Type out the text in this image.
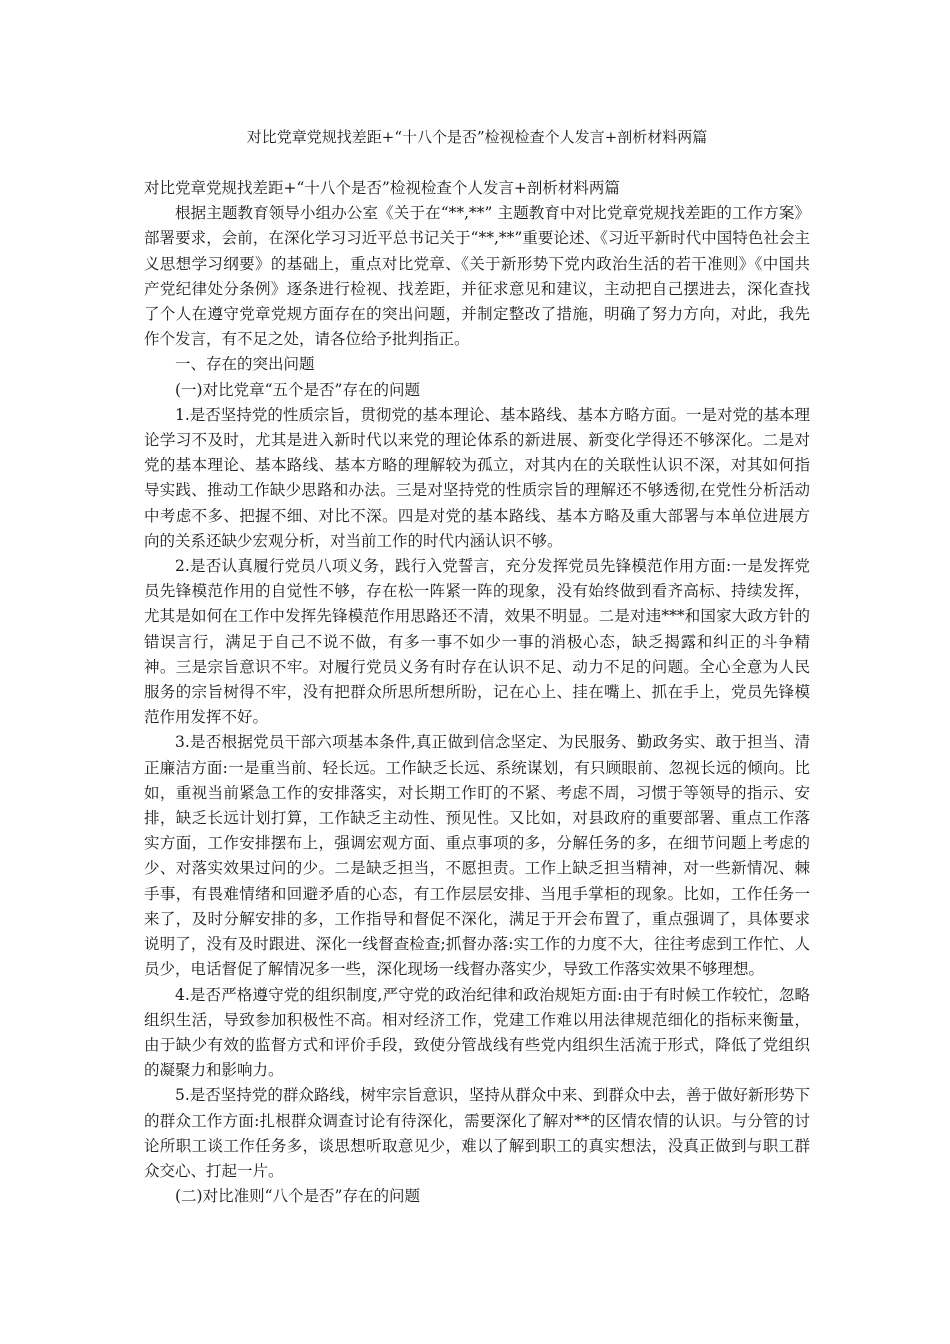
对比党章党规找差距+“十八个是否”检视检查个人发言+剖析材料两篇

对比党章党规找差距+“十八个是否”检视检查个人发言+剖析材料两篇

根据主题教育领导小组办公室《关于在“**,**” 主题教育中对比党章党规找差距的工作方案》部署要求，会前，在深化学习习近平总书记关于“**,**”重要论述、《习近平新时代中国特色社会主义思想学习纲要》的基础上，重点对比党章、《关于新形势下党内政治生活的若干准则》《中国共产党纪律处分条例》逐条进行检视、找差距，并征求意见和建议，主动把自己摆进去，深化查找了个人在遵守党章党规方面存在的突出问题，并制定整改了措施，明确了努力方向，对此，我先作个发言，有不足之处，请各位给予批判指正。

一、存在的突出问题

(一)对比党章“五个是否”存在的问题

1.是否坚持党的性质宗旨，贯彻党的基本理论、基本路线、基本方略方面。一是对党的基本理论学习不及时，尤其是进入新时代以来党的理论体系的新进展、新变化学得还不够深化。二是对党的基本理论、基本路线、基本方略的理解较为孤立，对其内在的关联性认识不深，对其如何指导实践、推动工作缺少思路和办法。三是对坚持党的性质宗旨的理解还不够透彻,在党性分析活动中考虑不多、把握不细、对比不深。四是对党的基本路线、基本方略及重大部署与本单位进展方向的关系还缺少宏观分析，对当前工作的时代内涵认识不够。

2.是否认真履行党员八项义务，践行入党誓言，充分发挥党员先锋模范作用方面:一是发挥党员先锋模范作用的自觉性不够，存在松一阵紧一阵的现象，没有始终做到看齐高标、持续发挥，尤其是如何在工作中发挥先锋模范作用思路还不清，效果不明显。二是对违***和国家大政方针的错误言行，满足于自己不说不做，有多一事不如少一事的消极心态，缺乏揭露和纠正的斗争精神。三是宗旨意识不牢。对履行党员义务有时存在认识不足、动力不足的问题。全心全意为人民服务的宗旨树得不牢，没有把群众所思所想所盼，记在心上、挂在嘴上、抓在手上，党员先锋模范作用发挥不好。

3.是否根据党员干部六项基本条件,真正做到信念坚定、为民服务、勤政务实、敢于担当、清正廉洁方面:一是重当前、轻长远。工作缺乏长远、系统谋划，有只顾眼前、忽视长远的倾向。比如，重视当前紧急工作的安排落实，对长期工作盯的不紧、考虑不周，习惯于等领导的指示、安排，缺乏长远计划打算，工作缺乏主动性、预见性。又比如，对县政府的重要部署、重点工作落实方面，工作安排摆布上，强调宏观方面、重点事项的多，分解任务的多，在细节问题上考虑的少、对落实效果过问的少。二是缺乏担当，不愿担责。工作上缺乏担当精神，对一些新情况、棘手事，有畏难情绪和回避矛盾的心态，有工作层层安排、当甩手掌柜的现象。比如，工作任务一来了，及时分解安排的多，工作指导和督促不深化，满足于开会布置了，重点强调了，具体要求说明了，没有及时跟进、深化一线督查检查;抓督办落:实工作的力度不大，往往考虑到工作忙、人员少，电话督促了解情况多一些，深化现场一线督办落实少，导致工作落实效果不够理想。

4.是否严格遵守党的组织制度,严守党的政治纪律和政治规矩方面:由于有时候工作较忙，忽略组织生活，导致参加积极性不高。相对经济工作，党建工作难以用法律规范细化的指标来衡量，由于缺少有效的监督方式和评价手段，致使分管战线有些党内组织生活流于形式，降低了党组织的凝聚力和影响力。

5.是否坚持党的群众路线，树牢宗旨意识，坚持从群众中来、到群众中去，善于做好新形势下的群众工作方面:扎根群众调查讨论有待深化，需要深化了解对**的区情农情的认识。与分管的讨论所职工谈工作任务多，谈思想听取意见少，难以了解到职工的真实想法，没真正做到与职工群众交心、打起一片。

(二)对比准则“八个是否”存在的问题
